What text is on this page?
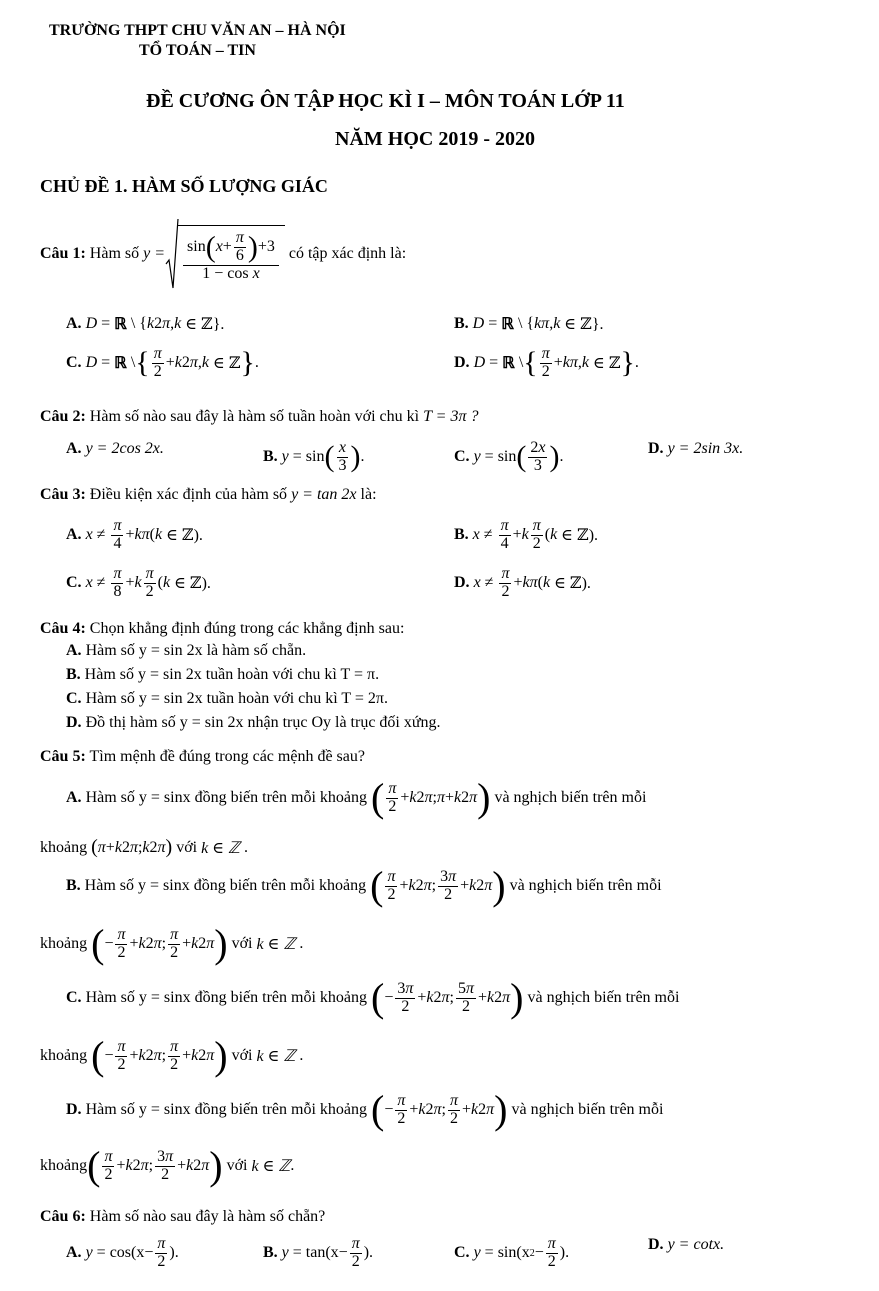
TRƯỜNG THPT CHU VĂN AN – HÀ NỘI
TỔ TOÁN – TIN
ĐỀ CƯƠNG ÔN TẬP HỌC KÌ I – MÔN TOÁN LỚP 11
NĂM HỌC 2019 - 2020
CHỦ ĐỀ 1. HÀM SỐ LƯỢNG GIÁC
Câu 1:
Hàm số
$y = \frac{\sin(x+ \frac{\pi}{6} )+3}{\text{1 − cos x}}$
có tập xác định là:
A.
D = ℝ \ { k 2 π , k ∈ ℤ}.	B.
D = ℝ \ { kπ , k ∈ ℤ}.
C.
D = ℝ \ { $\frac{\pi}{2} + k$ 2 π , k ∈ ℤ } .	D.
D = ℝ \ { $\frac{\pi}{2} + k\pi$ , k ∈ ℤ } .
Câu 2: Hàm số nào sau đây là hàm số tuần hoàn với chu kì T = 3π ?
A.
y = 2cos 2x.	B.
y = sin ( $\frac{x}{3}$ ) .	C.
y = sin ( $\frac{2x}{3}$ ) .	D.
y = 2sin 3x.
Câu 3: Điều kiện xác định của hàm số y = tan 2x là:
A.
$x \ne \frac{\pi}{4} + k\pi$ ( k ∈ ℤ).	B.
$x \ne \frac{\pi}{4} + k \frac{\pi}{2}$ ( k ∈ ℤ).
C.
$x \ne \frac{\pi}{8} + k \frac{\pi}{2}$ ( k ∈ ℤ).	D.
$x \ne \frac{\pi}{2} + k\pi$ ( k ∈ ℤ).
Câu 4: Chọn khẳng định đúng trong các khẳng định sau:
A. Hàm số y = sin 2x là hàm số chẵn.
B. Hàm số y = sin 2x tuần hoàn với chu kì T = π.
C. Hàm số y = sin 2x tuần hoàn với chu kì T = 2π.
D. Đồ thị hàm số y = sin 2x nhận trục Oy là trục đối xứng.
Câu 5: Tìm mệnh đề đúng trong các mệnh đề sau?
A.
Hàm số y = sinx đồng biến trên mỗi khoảng
( $\frac{\pi}{2} + k$ 2 π ; π + k 2 π )
và nghịch biến trên mỗi
khoảng
( π + k 2 π ; k 2 π )
với
k ∈ ℤ .
B.
Hàm số y = sinx đồng biến trên mỗi khoảng
( $\frac{\pi}{2} + k$ 2 π ; $\frac{3\pi}{2} + k$ 2 π )
và nghịch biến trên mỗi
khoảng
( − $\frac{\pi}{2} + k$ 2 π ; $\frac{\pi}{2} + k$ 2 π )
với
k ∈ ℤ .
C.
Hàm số y = sinx đồng biến trên mỗi khoảng
( − $\frac{3\pi}{2} + k$ 2 π ; $\frac{5\pi}{2} + k$ 2 π )
và nghịch biến trên mỗi
khoảng
( − $\frac{\pi}{2} + k$ 2 π ; $\frac{\pi}{2} + k$ 2 π )
với
k ∈ ℤ .
D.
Hàm số y = sinx đồng biến trên mỗi khoảng
( − $\frac{\pi}{2} + k$ 2 π ; $\frac{\pi}{2} + k$ 2 π )
và nghịch biến trên mỗi
khoảng ( $\frac{\pi}{2} + k$ 2 π ; $\frac{3\pi}{2} + k$ 2 π )
với
k ∈ ℤ .
Câu 6: Hàm số nào sau đây là hàm số chẵn?
A.
$y = \cos(x- \frac{\pi}{2}$ ).	B.
$y = \tan(x- \frac{\pi}{2}$ ).	C.
y = sin(x $2 - \frac{\pi}{2}$ ).	D.
y = cotx.
